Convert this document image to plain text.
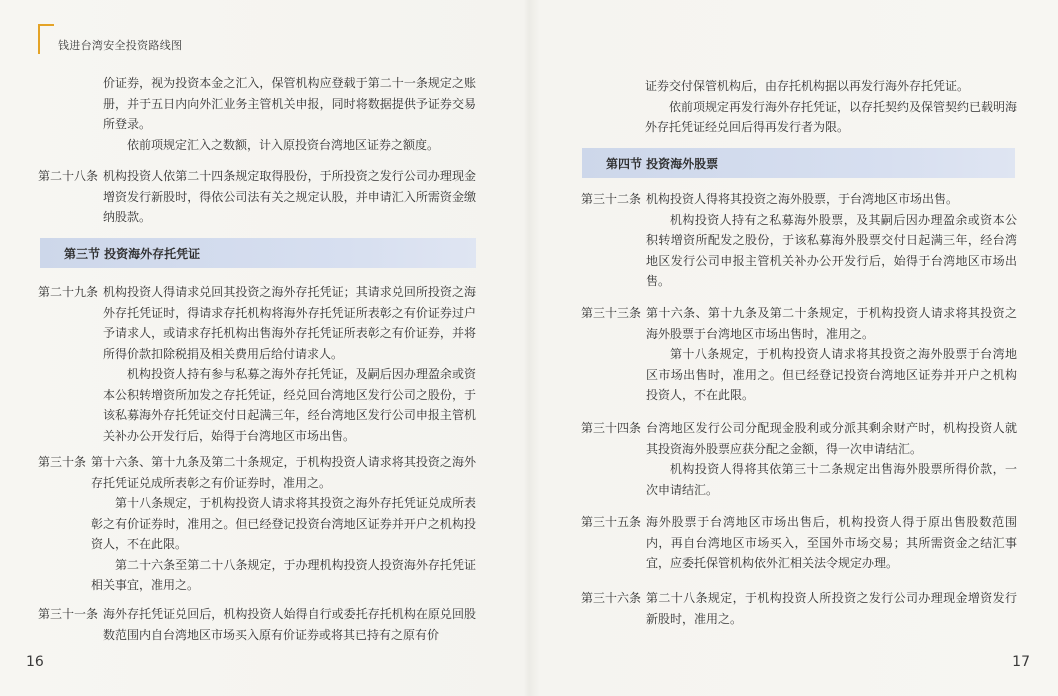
钱进台湾安全投资路线图

价证券，视为投资本金之汇入，保管机构应登载于第二十一条规定之账册，并于五日内向外汇业务主管机关申报，同时将数据提供予证券交易所登录。

依前项规定汇入之数额，计入原投资台湾地区证券之额度。

第二十八条 机构投资人依第二十四条规定取得股份，于所投资之发行公司办理现金增资发行新股时，得依公司法有关之规定认股，并申请汇入所需资金缴纳股款。

第三节 投资海外存托凭证
第二十九条 机构投资人得请求兑回其投资之海外存托凭证；其请求兑回所投资之海外存托凭证时，得请求存托机构将海外存托凭证所表彰之有价证券过户予请求人，或请求存托机构出售海外存托凭证所表彰之有价证券，并将所得价款扣除税捐及相关费用后给付请求人。

机构投资人持有参与私募之海外存托凭证，及嗣后因办理盈余或资本公积转增资所加发之存托凭证，经兑回台湾地区发行公司之股份，于该私募海外存托凭证交付日起满三年，经台湾地区发行公司申报主管机关补办公开发行后，始得于台湾地区市场出售。

第三十条 第十六条、第十九条及第二十条规定，于机构投资人请求将其投资之海外存托凭证兑成所表彰之有价证券时，准用之。

第十八条规定，于机构投资人请求将其投资之海外存托凭证兑成所表彰之有价证券时，准用之。但已经登记投资台湾地区证券并开户之机构投资人，不在此限。

第二十六条至第二十八条规定，于办理机构投资人投资海外存托凭证相关事宜，准用之。

第三十一条 海外存托凭证兑回后，机构投资人始得自行或委托存托机构在原兑回股数范围内自台湾地区市场买入原有价证券或将其已持有之原有价

16

证券交付保管机构后，由存托机构据以再发行海外存托凭证。

依前项规定再发行海外存托凭证，以存托契约及保管契约已载明海外存托凭证经兑回后得再发行者为限。

第四节 投资海外股票
第三十二条 机构投资人得将其投资之海外股票，于台湾地区市场出售。

机构投资人持有之私募海外股票，及其嗣后因办理盈余或资本公积转增资所配发之股份，于该私募海外股票交付日起满三年，经台湾地区发行公司申报主管机关补办公开发行后，始得于台湾地区市场出售。

第三十三条 第十六条、第十九条及第二十条规定，于机构投资人请求将其投资之海外股票于台湾地区市场出售时，准用之。

第十八条规定，于机构投资人请求将其投资之海外股票于台湾地区市场出售时，准用之。但已经登记投资台湾地区证券并开户之机构投资人，不在此限。

第三十四条 台湾地区发行公司分配现金股利或分派其剩余财产时，机构投资人就其投资海外股票应获分配之金额，得一次申请结汇。

机构投资人得将其依第三十二条规定出售海外股票所得价款，一次申请结汇。

第三十五条 海外股票于台湾地区市场出售后，机构投资人得于原出售股数范围内，再自台湾地区市场买入，至国外市场交易；其所需资金之结汇事宜，应委托保管机构依外汇相关法令规定办理。

第三十六条 第二十八条规定，于机构投资人所投资之发行公司办理现金增资发行新股时，准用之。

17
